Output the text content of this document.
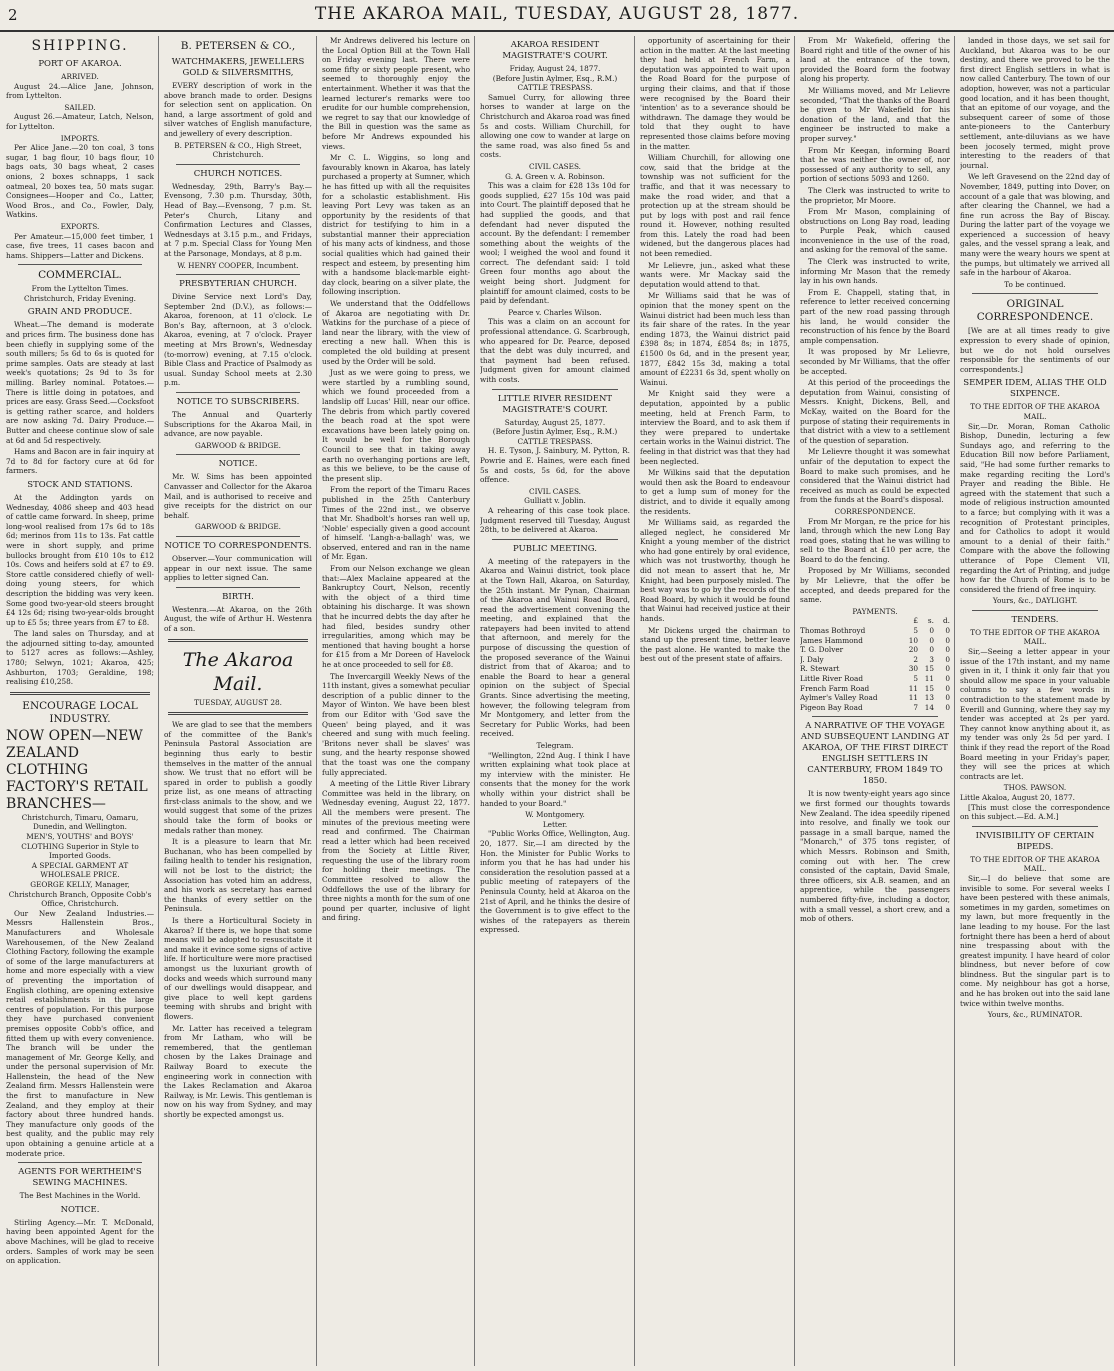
2	THE AKAROA MAIL, TUESDAY, AUGUST 28, 1877.
SHIPPING.
PORT OF AKAROA.
ARRIVED.

August 24.—Alice Jane, Johnson, from Lyttelton.

SAILED.

August 26.—Amateur, Latch, Nelson, for Lyttelton.

IMPORTS.

Per Alice Jane.—20 ton coal, 3 tons sugar, 1 bag flour, 10 bags flour, 10 bags oats, 30 bags wheat, 2 cases onions, 2 boxes schnapps, 1 sack oatmeal, 20 boxes tea, 50 mats sugar. Consignees—Hooper and Co., Latter, Wood Bros., and Co., Fowler, Daly, Watkins.

EXPORTS.

Per Amateur.—15,000 feet timber, 1 case, five trees, 11 cases bacon and hams. Shippers—Latter and Dickens.

COMMERCIAL.
From the Lyttelton Times.
Christchurch, Friday Evening.
GRAIN AND PRODUCE.

Wheat.—The demand is moderate and prices firm. The business done has been chiefly in supplying some of the south millers; 5s 6d to 6s is quoted for prime samples. Oats are steady at last week's quotations; 2s 9d to 3s for milling. Barley nominal. Potatoes.—There is little doing in potatoes, and prices are easy. Grass Seed.—Cocksfoot is getting rather scarce, and holders are now asking 7d. Dairy Produce.—Butter and cheese continue slow of sale at 6d and 5d respectively.

Hams and Bacon are in fair inquiry at 7d to 8d for factory cure at 6d for farmers.

STOCK AND STATIONS.

At the Addington yards on Wednesday, 4086 sheep and 403 head of cattle came forward. In sheep, prime long-wool realised from 17s 6d to 18s 6d; merinos from 11s to 13s. Fat cattle were in short supply, and prime bullocks brought from £10 10s to £12 10s. Cows and heifers sold at £7 to £9. Store cattle considered chiefly of well-doing young steers, for which description the bidding was very keen. Some good two-year-old steers brought £4 12s 6d; rising two-year-olds brought up to £5 5s; three years from £7 to £8.

The land sales on Thursday, and at the adjourned sitting to-day, amounted to 5127 acres as follows:—Ashley, 1780; Selwyn, 1021; Akaroa, 425; Ashburton, 1703; Geraldine, 198; realising £10,258.

ENCOURAGE LOCAL INDUSTRY.
NOW OPEN—NEW ZEALAND CLOTHING FACTORY'S RETAIL BRANCHES—
Christchurch, Timaru, Oamaru, Dunedin, and Wellington.
MEN'S, YOUTHS' and BOYS' CLOTHING Superior in Style to Imported Goods.
A SPECIAL GARMENT AT WHOLESALE PRICE.
GEORGE KELLY, Manager, Christchurch Branch, Opposite Cobb's Office, Christchurch.

Our New Zealand Industries.—Messrs Hallenstein Bros., Manufacturers and Wholesale Warehousemen, of the New Zealand Clothing Factory, following the example of some of the large manufacturers at home and more especially with a view of preventing the importation of English clothing, are opening extensive retail establishments in the large centres of population. For this purpose they have purchased convenient premises opposite Cobb's office, and fitted them up with every convenience. The branch will be under the management of Mr. George Kelly, and under the personal supervision of Mr. Hallenstein, the head of the New Zealand firm. Messrs Hallenstein were the first to manufacture in New Zealand, and they employ at their factory about three hundred hands. They manufacture only goods of the best quality, and the public may rely upon obtaining a genuine article at a moderate price.

AGENTS FOR WERTHEIM'S SEWING MACHINES.
The Best Machines in the World.
NOTICE.

Stirling Agency.—Mr. T. McDonald, having been appointed Agent for the above Machines, will be glad to receive orders. Samples of work may be seen on application.

B. PETERSEN & CO.,
WATCHMAKERS, JEWELLERS GOLD & SILVERSMITHS,

EVERY description of work in the above branch made to order. Designs for selection sent on application. On hand, a large assortment of gold and silver watches of English manufacture, and jewellery of every description.

B. PETERSEN & CO., High Street, Christchurch.
CHURCH NOTICES.

Wednesday, 29th, Barry's Bay.—Evensong, 7.30 p.m. Thursday, 30th, Head of Bay.—Evensong, 7 p.m. St. Peter's Church, Litany and Confirmation Lectures and Classes, Wednesdays at 3.15 p.m., and Fridays, at 7 p.m. Special Class for Young Men at the Parsonage, Mondays, at 8 p.m.

W. HENRY COOPER, Incumbent.
PRESBYTERIAN CHURCH.

Divine Service next Lord's Day, September 2nd (D.V.), as follows:—Akaroa, forenoon, at 11 o'clock. Le Bon's Bay, afternoon, at 3 o'clock. Akaroa, evening, at 7 o'clock. Prayer meeting at Mrs Brown's, Wednesday (to-morrow) evening, at 7.15 o'clock. Bible Class and Practice of Psalmody as usual. Sunday School meets at 2.30 p.m.

NOTICE TO SUBSCRIBERS.

The Annual and Quarterly Subscriptions for the Akaroa Mail, in advance, are now payable.

GARWOOD & BRIDGE.
NOTICE.

Mr. W. Sims has been appointed Canvasser and Collector for the Akaroa Mail, and is authorised to receive and give receipts for the district on our behalf.

GARWOOD & BRIDGE.
NOTICE TO CORRESPONDENTS.

Observer.—Your communication will appear in our next issue. The same applies to letter signed Can.

BIRTH.

Westenra.—At Akaroa, on the 26th August, the wife of Arthur H. Westenra of a son.

The Akaroa Mail.
TUESDAY, AUGUST 28.

We are glad to see that the members of the committee of the Bank's Peninsula Pastoral Association are beginning thus early to bestir themselves in the matter of the annual show. We trust that no effort will be spared in order to publish a goodly prize list, as one means of attracting first-class animals to the show, and we would suggest that some of the prizes should take the form of books or medals rather than money.

It is a pleasure to learn that Mr. Buchanan, who has been compelled by failing health to tender his resignation, will not be lost to the district; the Association has voted him an address, and his work as secretary has earned the thanks of every settler on the Peninsula.

Is there a Horticultural Society in Akaroa? If there is, we hope that some means will be adopted to resuscitate it and make it evince some signs of active life. If horticulture were more practised amongst us the luxuriant growth of docks and weeds which surround many of our dwellings would disappear, and give place to well kept gardens teeming with shrubs and bright with flowers.

Mr. Latter has received a telegram from Mr Latham, who will be remembered, that the gentleman chosen by the Lakes Drainage and Railway Board to execute the engineering work in connection with the Lakes Reclamation and Akaroa Railway, is Mr. Lewis. This gentleman is now on his way from Sydney, and may shortly be expected amongst us.

Mr Andrews delivered his lecture on the Local Option Bill at the Town Hall on Friday evening last. There were some fifty or sixty people present, who seemed to thoroughly enjoy the entertainment. Whether it was that the learned lecturer's remarks were too erudite for our humble comprehension, we regret to say that our knowledge of the Bill in question was the same as before Mr Andrews expounded his views.

Mr C. L. Wiggins, so long and favourably known in Akaroa, has lately purchased a property at Sumner, which he has fitted up with all the requisites for a scholastic establishment. His leaving Port Levy was taken as an opportunity by the residents of that district for testifying to him in a substantial manner their appreciation of his many acts of kindness, and those social qualities which had gained their respect and esteem, by presenting him with a handsome black-marble eight-day clock, bearing on a silver plate, the following inscription.

We understand that the Oddfellows of Akaroa are negotiating with Dr. Watkins for the purchase of a piece of land near the library, with the view of erecting a new hall. When this is completed the old building at present used by the Order will be sold.

Just as we were going to press, we were startled by a rumbling sound, which we found proceeded from a landslip off Lucas' Hill, near our office. The debris from which partly covered the beach road at the spot were excavations have been lately going on. It would be well for the Borough Council to see that in taking away earth no overhanging portions are left, as this we believe, to be the cause of the present slip.

From the report of the Timaru Races published in the 25th Canterbury Times of the 22nd inst., we observe that Mr. Shadbolt's horses ran well up, 'Noble' especially given a good account of himself. 'Langh-a-ballagh' was, we observed, entered and ran in the name of Mr. Egan.

From our Nelson exchange we glean that:—Alex Maclaine appeared at the Bankruptcy Court, Nelson, recently with the object of a third time obtaining his discharge. It was shown that he incurred debts the day after he had filed, besides sundry other irregularities, among which may be mentioned that having bought a horse for £15 from a Mr Doreen of Havelock he at once proceeded to sell for £8.

The Invercargill Weekly News of the 11th instant, gives a somewhat peculiar description of a public dinner to the Mayor of Winton. We have been blest from our Editor with 'God save the Queen' being played, and it was cheered and sung with much feeling. 'Britons never shall be slaves' was sung, and the hearty response showed that the toast was one the company fully appreciated.

A meeting of the Little River Library Committee was held in the library, on Wednesday evening, August 22, 1877. All the members were present. The minutes of the previous meeting were read and confirmed. The Chairman read a letter which had been received from the Society at Little River, requesting the use of the library room for holding their meetings. The Committee resolved to allow the Oddfellows the use of the library for three nights a month for the sum of one pound per quarter, inclusive of light and firing.

AKAROA RESIDENT MAGISTRATE'S COURT.
Friday, August 24, 1877.
(Before Justin Aylmer, Esq., R.M.)
CATTLE TRESPASS.

Samuel Curry, for allowing three horses to wander at large on the Christchurch and Akaroa road was fined 5s and costs. William Churchill, for allowing one cow to wander at large on the same road, was also fined 5s and costs.

CIVIL CASES.
G. A. Green v. A. Robinson.

This was a claim for £28 13s 10d for goods supplied, £27 15s 10d was paid into Court. The plaintiff deposed that he had supplied the goods, and that defendant had never disputed the account. By the defendant: I remember something about the weights of the wool; I weighed the wool and found it correct. The defendant said: I told Green four months ago about the weight being short. Judgment for plaintiff for amount claimed, costs to be paid by defendant.

Pearce v. Charles Wilson.

This was a claim on an account for professional attendance. G. Scarbrough, who appeared for Dr. Pearce, deposed that the debt was duly incurred, and that payment had been refused. Judgment given for amount claimed with costs.

LITTLE RIVER RESIDENT MAGISTRATE'S COURT.
Saturday, August 25, 1877.
(Before Justin Aylmer, Esq., R.M.)
CATTLE TRESPASS.

H. E. Tyson, J. Sainbury, M. Pytton, R. Powrie and E. Haines, were each fined 5s and costs, 5s 6d, for the above offence.

CIVIL CASES.
Gulliatt v. Joblin.

A rehearing of this case took place. Judgment reserved till Tuesday, August 28th, to be delivered at Akaroa.

PUBLIC MEETING.

A meeting of the ratepayers in the Akaroa and Wainui district, took place at the Town Hall, Akaroa, on Saturday, the 25th instant. Mr Pynan, Chairman of the Akaroa and Wainui Road Board, read the advertisement convening the meeting, and explained that the ratepayers had been invited to attend that afternoon, and merely for the purpose of discussing the question of the proposed severance of the Wainui district from that of Akaroa; and to enable the Board to hear a general opinion on the subject of Special Grants. Since advertising the meeting, however, the following telegram from Mr Montgomery, and letter from the Secretary for Public Works, had been received.

Telegram.

"Wellington, 22nd Aug. I think I have written explaining what took place at my interview with the minister. He consents that the money for the work wholly within your district shall be handed to your Board."

W. Montgomery.
Letter.

"Public Works Office, Wellington, Aug. 20, 1877. Sir,—I am directed by the Hon. the Minister for Public Works to inform you that he has had under his consideration the resolution passed at a public meeting of ratepayers of the Peninsula County, held at Akaroa on the 21st of April, and he thinks the desire of the Government is to give effect to the wishes of the ratepayers as therein expressed.

opportunity of ascertaining for their action in the matter. At the last meeting they had held at French Farm, a deputation was appointed to wait upon the Road Board for the purpose of urging their claims, and that if those were recognised by the Board their 'intention' as to a severance should be withdrawn. The damage they would be told that they ought to have represented those claims before moving in the matter.

William Churchill, for allowing one cow, said that the bridge at the township was not sufficient for the traffic, and that it was necessary to make the road wider, and that a protection up at the stream should be put by logs with post and rail fence round it. However, nothing resulted from this. Lately the road had been widened, but the dangerous places had not been remedied.

Mr Lelievre, jun., asked what these wants were. Mr Mackay said the deputation would attend to that.

Mr Williams said that he was of opinion that the money spent on the Wainui district had been much less than its fair share of the rates. In the year ending 1873, the Wainui district paid £398 8s; in 1874, £854 8s; in 1875, £1500 0s 6d, and in the present year, 1877, £842 15s 3d, making a total amount of £2231 6s 3d, spent wholly on Wainui.

Mr Knight said they were a deputation, appointed by a public meeting, held at French Farm, to interview the Board, and to ask them if they were prepared to undertake certain works in the Wainui district. The feeling in that district was that they had been neglected.

Mr Wilkins said that the deputation would then ask the Board to endeavour to get a lump sum of money for the district, and to divide it equally among the residents.

Mr Williams said, as regarded the alleged neglect, he considered Mr Knight a young member of the district who had gone entirely by oral evidence, which was not trustworthy, though he did not mean to assert that he, Mr Knight, had been purposely misled. The best way was to go by the records of the Road Board, by which it would be found that Wainui had received justice at their hands.

Mr Dickens urged the chairman to stand up the present time, better leave the past alone. He wanted to make the best out of the present state of affairs.

From Mr Wakefield, offering the Board right and title of the owner of his land at the entrance of the town, provided the Board form the footway along his property.

Mr Williams moved, and Mr Lelievre seconded, "That the thanks of the Board be given to Mr Wakefield for his donation of the land, and that the engineer be instructed to make a proper survey."

From Mr Keegan, informing Board that he was neither the owner of, nor possessed of any authority to sell, any portion of sections 5093 and 1260.

The Clerk was instructed to write to the proprietor, Mr Moore.

From Mr Mason, complaining of obstructions on Long Bay road, leading to Purple Peak, which caused inconvenience in the use of the road, and asking for the removal of the same.

The Clerk was instructed to write, informing Mr Mason that the remedy lay in his own hands.

From E. Chappell, stating that, in reference to letter received concerning part of the new road passing through his land, he would consider the reconstruction of his fence by the Board ample compensation.

It was proposed by Mr Lelievre, seconded by Mr Williams, that the offer be accepted.

At this period of the proceedings the deputation from Wainui, consisting of Messrs. Knight, Dickens, Bell, and McKay, waited on the Board for the purpose of stating their requirements in that district with a view to a settlement of the question of separation.

Mr Lelievre thought it was somewhat unfair of the deputation to expect the Board to make such promises, and he considered that the Wainui district had received as much as could be expected from the funds at the Board's disposal.

CORRESPONDENCE.

From Mr Morgan, re the price for his land, through which the new Long Bay road goes, stating that he was willing to sell to the Board at £10 per acre, the Board to do the fencing.

Proposed by Mr Williams, seconded by Mr Lelievre, that the offer be accepted, and deeds prepared for the same.

PAYMENTS.
	£	s.	d.
Thomas Bothroyd	5	0	0
James Hammond	10	0	0
T. G. Dolver	20	0	0
J. Daly	2	3	0
R. Stewart	30	15	0
Little River Road	5	11	0
French Farm Road	11	15	0
Aylmer's Valley Road	11	13	0
Pigeon Bay Road	7	14	0
A NARRATIVE OF THE VOYAGE AND SUBSEQUENT LANDING AT AKAROA, OF THE FIRST DIRECT ENGLISH SETTLERS IN CANTERBURY, FROM 1849 TO 1850.

It is now twenty-eight years ago since we first formed our thoughts towards New Zealand. The idea speedily ripened into resolve, and finally we took our passage in a small barque, named the "Monarch," of 375 tons register, of which Messrs. Robinson and Smith, coming out with her. The crew consisted of the captain, David Smale, three officers, six A.B. seamen, and an apprentice, while the passengers numbered fifty-five, including a doctor, with a small vessel, a short crew, and a mob of others.

landed in those days, we set sail for Auckland, but Akaroa was to be our destiny, and there we proved to be the first direct English settlers in what is now called Canterbury. The town of our adoption, however, was not a particular good location, and it has been thought, that an epitome of our voyage, and the subsequent career of some of those ante-pioneers to the Canterbury settlement, ante-diluvians as we have been jocosely termed, might prove interesting to the readers of that journal.

We left Gravesend on the 22nd day of November, 1849, putting into Dover, on account of a gale that was blowing, and after clearing the Channel, we had a fine run across the Bay of Biscay. During the latter part of the voyage we experienced a succession of heavy gales, and the vessel sprang a leak, and many were the weary hours we spent at the pumps, but ultimately we arrived all safe in the harbour of Akaroa.

To be continued.
ORIGINAL CORRESPONDENCE.

[We are at all times ready to give expression to every shade of opinion, but we do not hold ourselves responsible for the sentiments of our correspondents.]

SEMPER IDEM, ALIAS THE OLD SIXPENCE.
TO THE EDITOR OF THE AKAROA MAIL.

Sir,—Dr. Moran, Roman Catholic Bishop, Dunedin, lecturing a few Sundays ago, and referring to the Education Bill now before Parliament, said, "He had some further remarks to make regarding reciting the Lord's Prayer and reading the Bible. He agreed with the statement that such a mode of religious instruction amounted to a farce; but complying with it was a recognition of Protestant principles, and for Catholics to adopt it would amount to a denial of their faith." Compare with the above the following utterance of Pope Clement VII, regarding the Art of Printing, and judge how far the Church of Rome is to be considered the friend of free inquiry.

Yours, &c., DAYLIGHT.
TENDERS.
TO THE EDITOR OF THE AKAROA MAIL.

Sir,—Seeing a letter appear in your issue of the 17th instant, and my name given in it, I think it only fair that you should allow me space in your valuable columns to say a few words in contradiction to the statement made by Everill and Gunning, where they say my tender was accepted at 2s per yard. They cannot know anything about it, as my tender was only 2s 5d per yard. I think if they read the report of the Road Board meeting in your Friday's paper, they will see the prices at which contracts are let.

THOS. PAWSON.
Little Akaloa, August 20, 1877.

[This must close the correspondence on this subject.—Ed. A.M.]

INVISIBILITY OF CERTAIN BIPEDS.
TO THE EDITOR OF THE AKAROA MAIL.

Sir,—I do believe that some are invisible to some. For several weeks I have been pestered with these animals, sometimes in my garden, sometimes on my lawn, but more frequently in the lane leading to my house. For the last fortnight there has been a herd of about nine trespassing about with the greatest impunity. I have heard of color blindness, but never before of cow blindness. But the singular part is to come. My neighbour has got a horse, and he has broken out into the said lane twice within twelve months.

Yours, &c., RUMINATOR.
